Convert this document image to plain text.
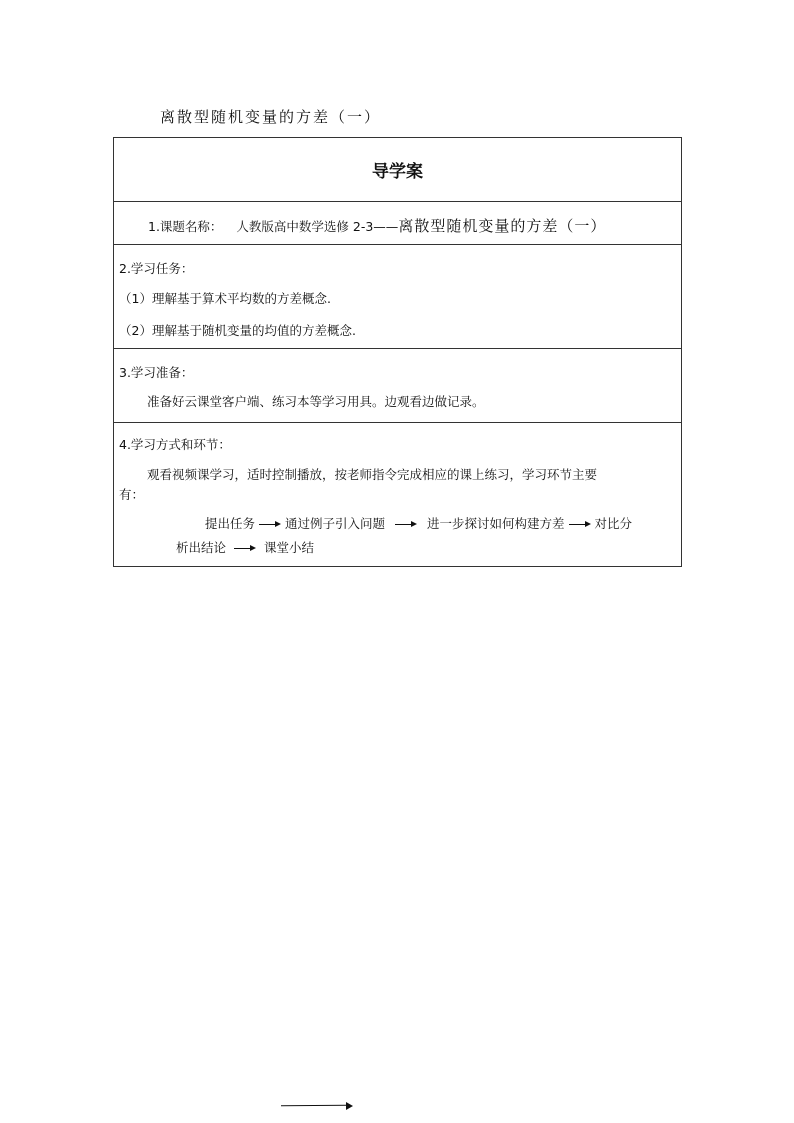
离散型随机变量的方差（一）
导学案
1.课题名称： 人教版高中数学选修 2-3——离散型随机变量的方差（一）
2.学习任务：
（1）理解基于算术平均数的方差概念.
（2）理解基于随机变量的均值的方差概念.
3.学习准备：
准备好云课堂客户端、练习本等学习用具。边观看边做记录。
4.学习方式和环节：
观看视频课学习，适时控制播放，按老师指令完成相应的课上练习，学习环节主要
有：
提出任务 通过例子引入问题	进一步探讨如何构建方差 对比分
析出结论	课堂小结
